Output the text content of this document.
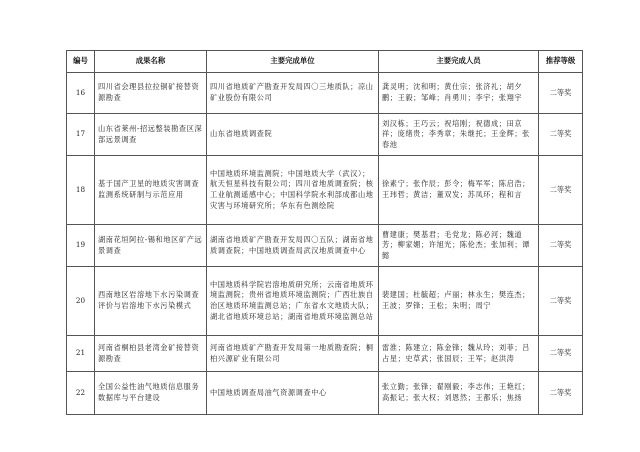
编号	成果名称	主要完成单位	主要完成人员	推荐等级
16	四川省会理县拉拉铜矿接替资源勘查	四川省地质矿产勘查开发局四〇三地质队；凉山矿业股份有限公司	龚灵明；沈和明；黄仕宗；张济礼；胡夕鹏；王毅；邹峰；肖勇川；李宇；张翔宇	二等奖
17	山东省莱州-招远整装勘查区深部远景调查	山东省地质调查院	刘汉栋；王巧云；祝培刚；祝德成；田京祥；庞绪贵；李秀章；朱继托；王金辉；张春池	二等奖
18	基于国产卫星的地质灾害调查监测系统研制与示范应用	中国地质环境监测院；中国地质大学（武汉）；航天恒星科技有限公司；四川省地质调查院；核工业航测遥感中心；中国科学院水利部成都山地灾害与环境研究所；华东有色测绘院	徐素宁；张作辰；彭令；梅军军；陈启浩；王玮哲；黄洁；董双发；苏凤环；程和言	二等奖
19	湖南花垣阿拉-锡和地区矿产远景调查	湖南省地质矿产勘查开发局四〇五队；湖南省地质调查院；中国地质调查局武汉地质调查中心	曹建康；樊基君；毛党龙；陈必河；魏道芳；柳家媚；许旭光；陈伦杰；张加利；谭懿	二等奖
20	西南地区岩溶地下水污染调查评价与岩溶地下水污染模式	中国地质科学院岩溶地质研究所；云南省地质环境监测院；贵州省地质环境监测院；广西壮族自治区地质环境监测总站；广东省水文地质大队；湖北省地质环境总站；湖南省地质环境监测总站	裴建国；杜毓超；卢丽；林永生；樊连杰；王波；罗锋；王松；朱明；周宁	二等奖
21	河南省桐柏县老湾金矿接替资源勘查	河南省地质矿产勘查开发局第一地质勘查院；桐柏兴源矿业有限公司	雷淮；陈建立；陈金锋；魏从玲；刘菲；吕占星；史草武；张国辰；王军；赵洪涛	二等奖
22	全国公益性油气地质信息服务数据库与平台建设	中国地质调查局油气资源调查中心	张立勤；张锋；翟刚毅；李志伟；王艳红；高振记；张大权；刘恩然；王都乐；焦扬	二等奖
